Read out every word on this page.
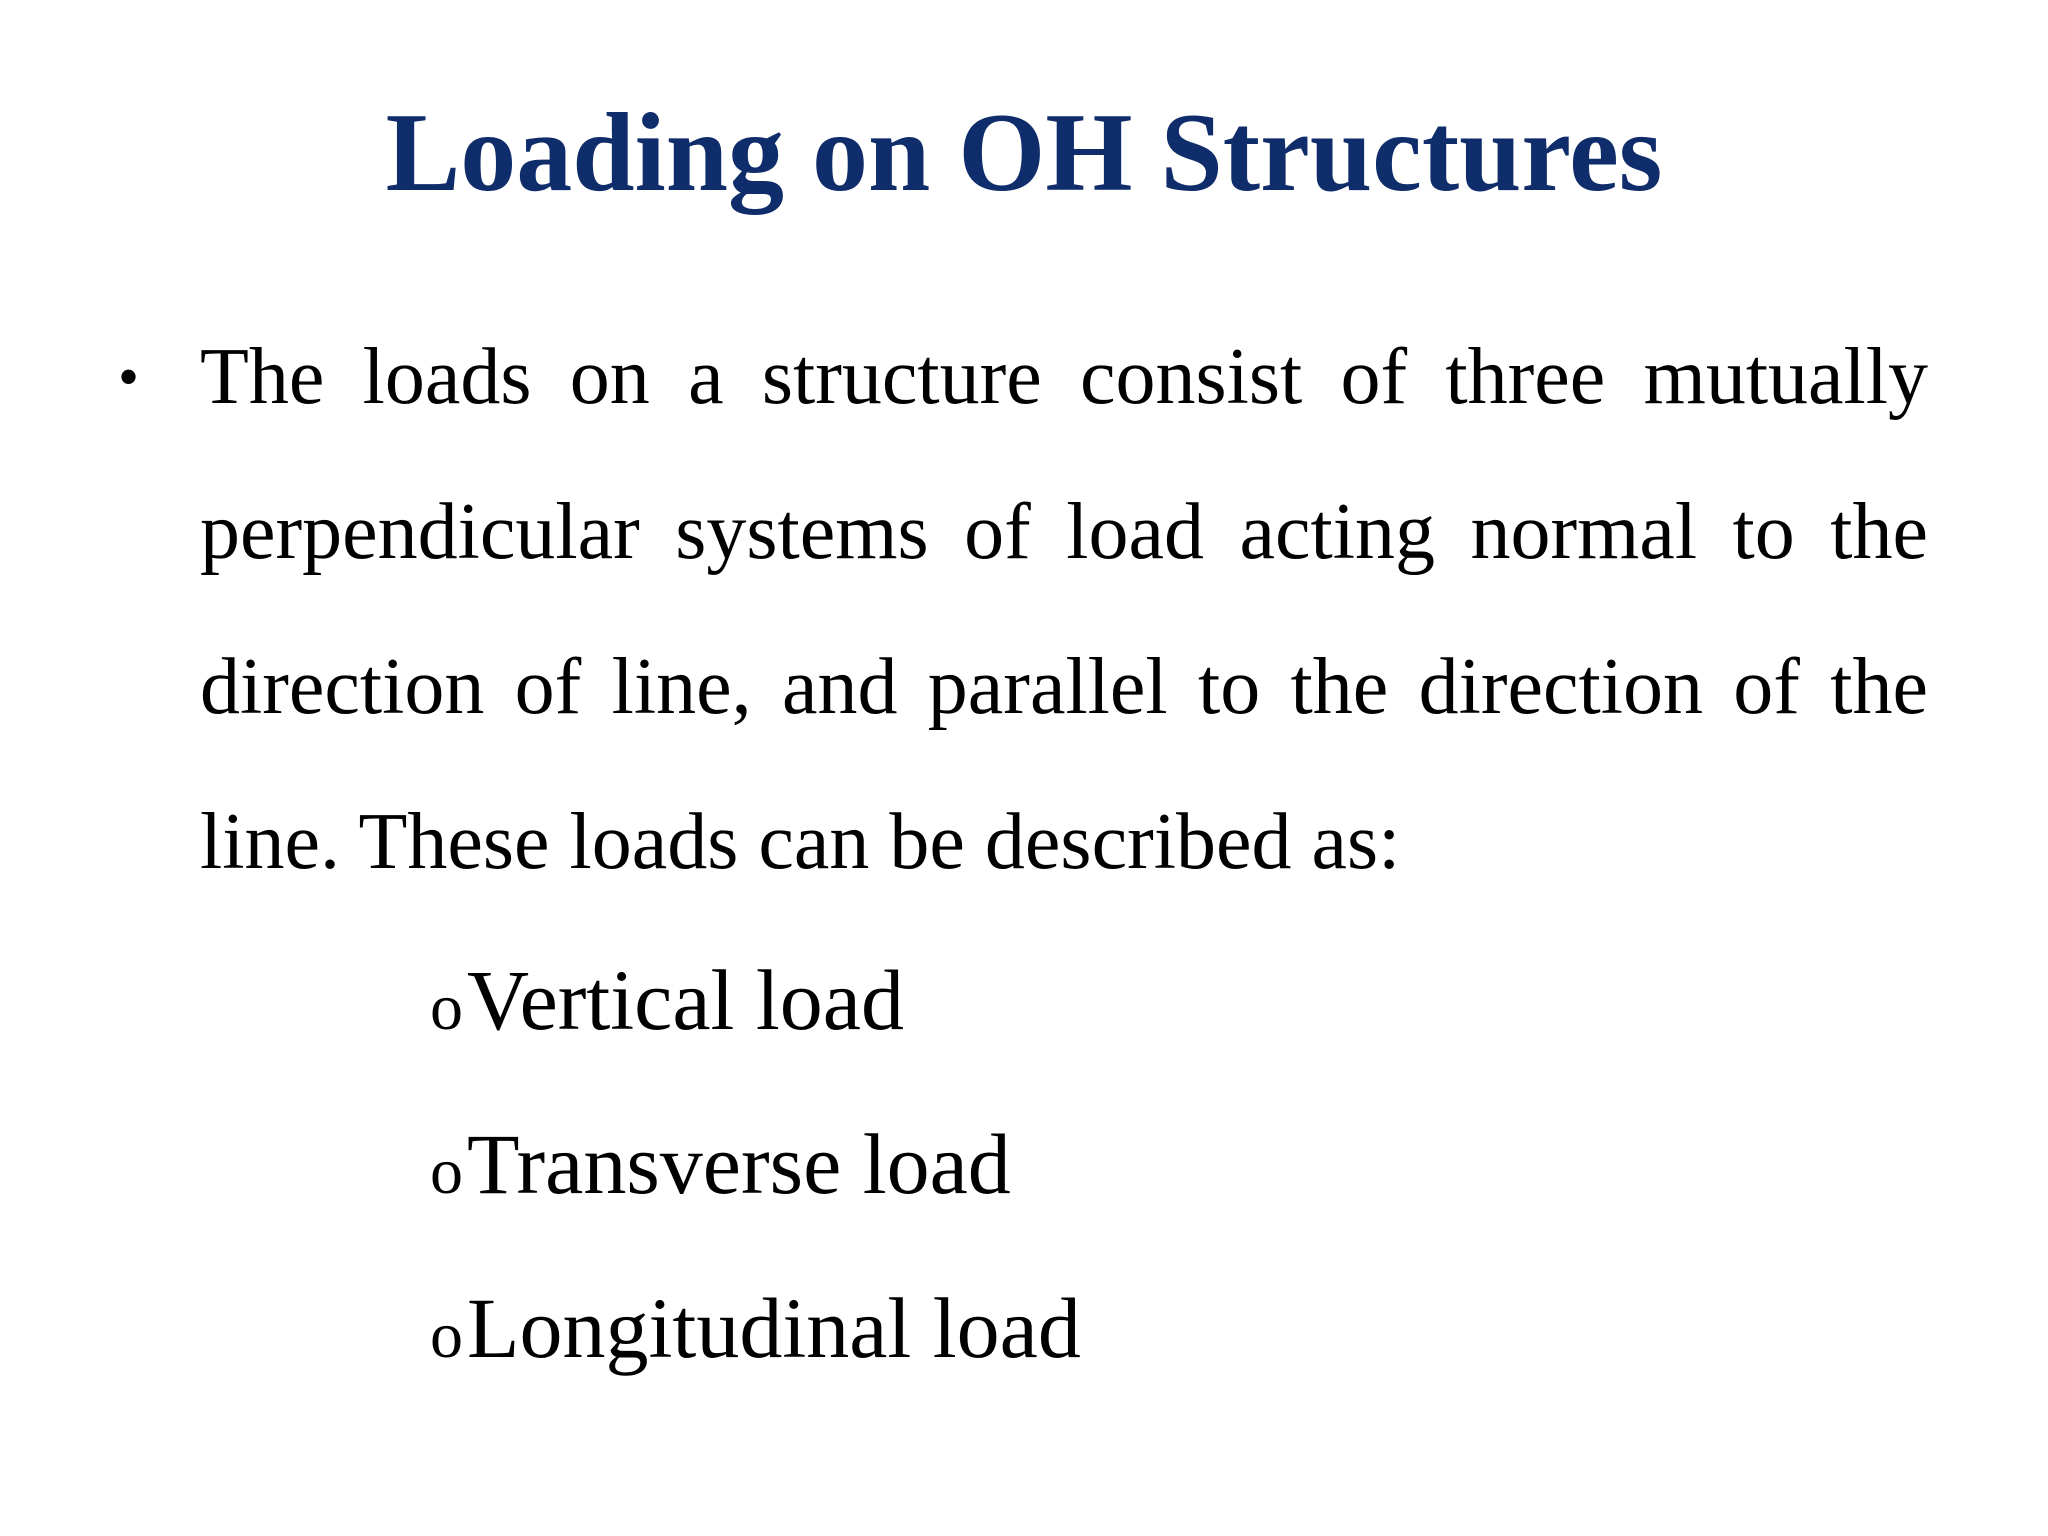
Loading on OH Structures
• The loads on a structure consist of three mutually perpendicular systems of load acting normal to the direction of line, and parallel to the direction of the line. These loads can be described as:

o Vertical load
o Transverse load
o Longitudinal load
